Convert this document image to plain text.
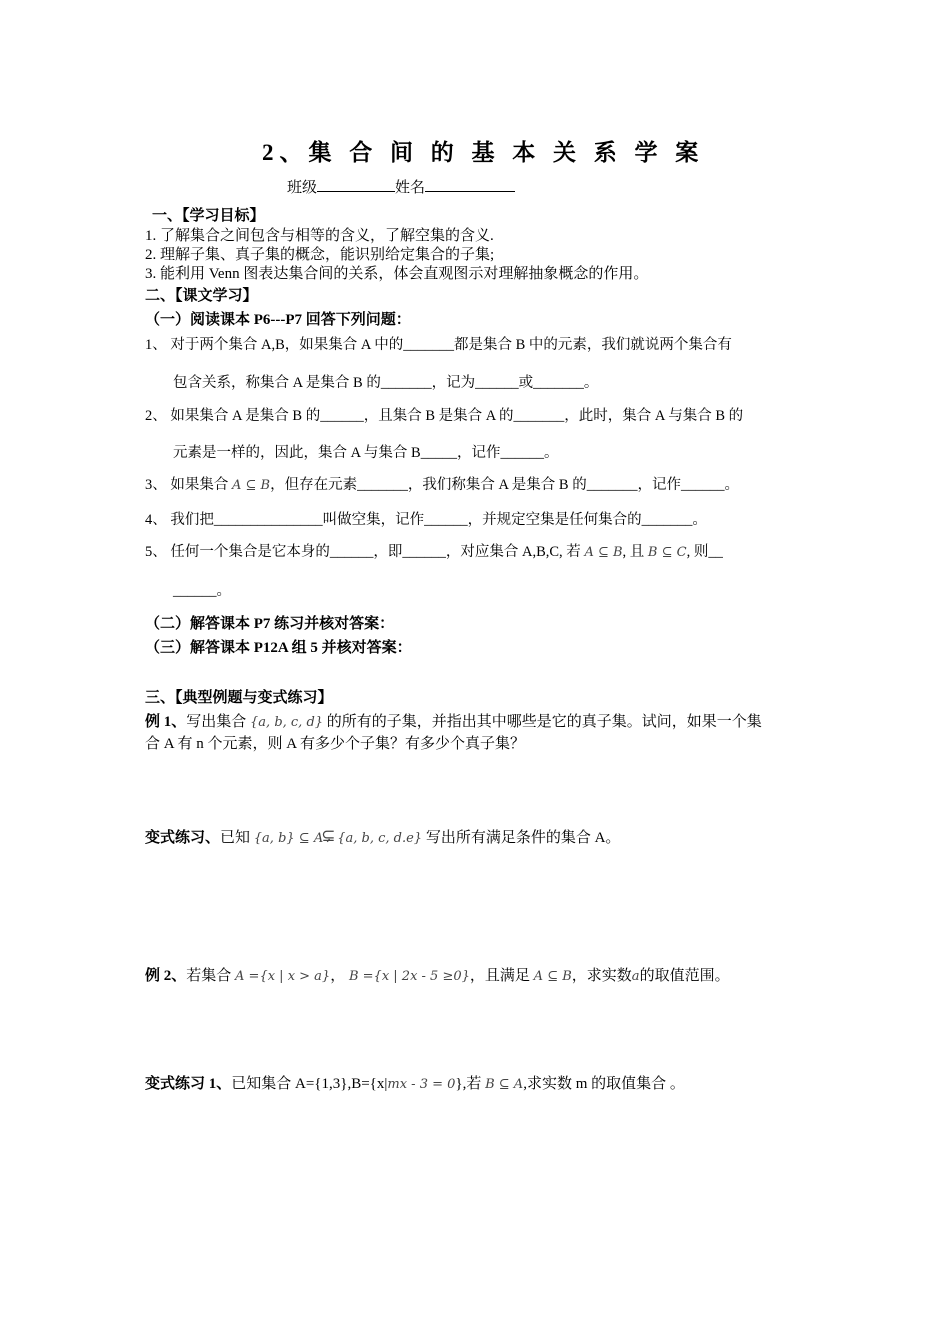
2、集 合 间 的 基 本 关 系 学 案
班级	姓名
一、【学习目标】
1. 了解集合之间包含与相等的含义，了解空集的含义.
2. 理解子集、真子集的概念，能识别给定集合的子集;
3. 能利用 Venn 图表达集合间的关系，体会直观图示对理解抽象概念的作用。
二、【课文学习】
（一）阅读课本 P6---P7 回答下列问题：
1、 对于两个集合 A,B，如果集合 A 中的_______都是集合 B 中的元素，我们就说两个集合有
包含关系，称集合 A 是集合 B 的_______，记为______或_______。
2、 如果集合 A 是集合 B 的______，且集合 B 是集合 A 的_______，此时，集合 A 与集合 B 的
元素是一样的，因此，集合 A 与集合 B_____，记作______。
3、 如果集合 A ⊆ B，但存在元素_______，我们称集合 A 是集合 B 的_______，记作______。
4、 我们把_______________叫做空集，记作______，并规定空集是任何集合的_______。
5、 任何一个集合是它本身的______，即______，对应集合 A,B,C, 若 A ⊆ B, 且 B ⊆ C, 则__
______。
（二）解答课本 P7 练习并核对答案：
（三）解答课本 P12A 组 5 并核对答案：
三、【典型例题与变式练习】
例 1、写出集合 {a, b, c, d} 的所有的子集，并指出其中哪些是它的真子集。试问，如果一个集
合 A 有 n 个元素，则 A 有多少个子集？有多少个真子集？
变式练习、已知 {a, b} ⊆ A
⊊ {a, b, c, d.e} 写出所有满足条件的集合 A。
例 2、若集合 A ={x | x > a}， B ={x | 2x - 5 ≥0}，且满足 A ⊆ B，求实数a的取值范围。
变式练习 1、已知集合 A={1,3},B={x|mx - 3 = 0},若 B ⊆ A,求实数 m 的取值集合 。
